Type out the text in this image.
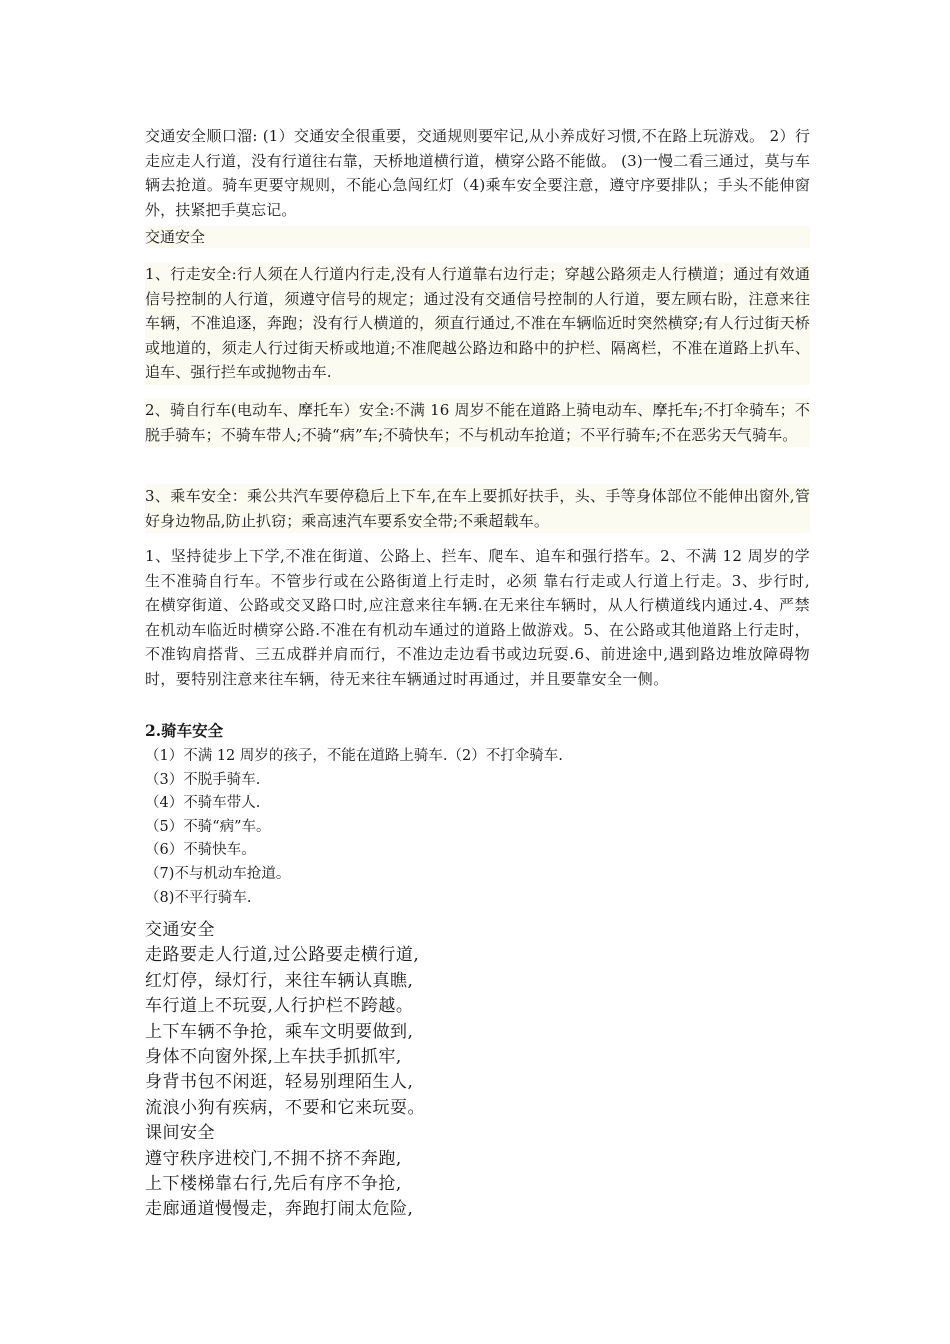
交通安全顺口溜: (1）交通安全很重要，交通规则要牢记,从小养成好习惯,不在路上玩游戏。 2）行走应走人行道，没有行道往右靠，天桥地道横行道，横穿公路不能做。 (3)一慢二看三通过，莫与车辆去抢道。骑车更要守规则，不能心急闯红灯（4)乘车安全要注意，遵守序要排队；手头不能伸窗外，扶紧把手莫忘记。

交通安全

1、行走安全:行人须在人行道内行走,没有人行道靠右边行走；穿越公路须走人行横道；通过有效通信号控制的人行道，须遵守信号的规定；通过没有交通信号控制的人行道，要左顾右盼，注意来往车辆，不准追逐，奔跑；没有行人横道的，须直行通过,不准在车辆临近时突然横穿;有人行过街天桥或地道的，须走人行过街天桥或地道;不准爬越公路边和路中的护栏、隔离栏，不准在道路上扒车、追车、强行拦车或抛物击车.

2、骑自行车(电动车、摩托车）安全:不满 16 周岁不能在道路上骑电动车、摩托车;不打伞骑车；不脱手骑车；不骑车带人;不骑“病”车;不骑快车；不与机动车抢道；不平行骑车;不在恶劣天气骑车。

3、乘车安全：乘公共汽车要停稳后上下车,在车上要抓好扶手，头、手等身体部位不能伸出窗外,管好身边物品,防止扒窃；乘高速汽车要系安全带;不乘超载车。

1、坚持徒步上下学,不准在街道、公路上、拦车、爬车、追车和强行搭车。2、不满 12 周岁的学生不准骑自行车。不管步行或在公路街道上行走时，必须 靠右行走或人行道上行走。3、步行时,在横穿街道、公路或交叉路口时,应注意来往车辆.在无来往车辆时，从人行横道线内通过.4、严禁在机动车临近时横穿公路.不准在有机动车通过的道路上做游戏。5、在公路或其他道路上行走时，不准钩肩搭背、三五成群并肩而行，不准边走边看书或边玩耍.6、前进途中,遇到路边堆放障碍物时，要特别注意来往车辆，待无来往车辆通过时再通过，并且要靠安全一侧。

2.骑车安全

（1）不满 12 周岁的孩子，不能在道路上骑车.（2）不打伞骑车.

（3）不脱手骑车.

（4）不骑车带人.

（5）不骑“病”车。

（6）不骑快车。

（7)不与机动车抢道。

（8)不平行骑车.

交通安全

走路要走人行道,过公路要走横行道,

红灯停，绿灯行，来往车辆认真瞧,

车行道上不玩耍,人行护栏不跨越。

上下车辆不争抢，乘车文明要做到,

身体不向窗外探,上车扶手抓抓牢,

身背书包不闲逛，轻易别理陌生人,

流浪小狗有疾病，不要和它来玩耍。

课间安全

遵守秩序进校门,不拥不挤不奔跑,

上下楼梯靠右行,先后有序不争抢,

走廊通道慢慢走，奔跑打闹太危险,
